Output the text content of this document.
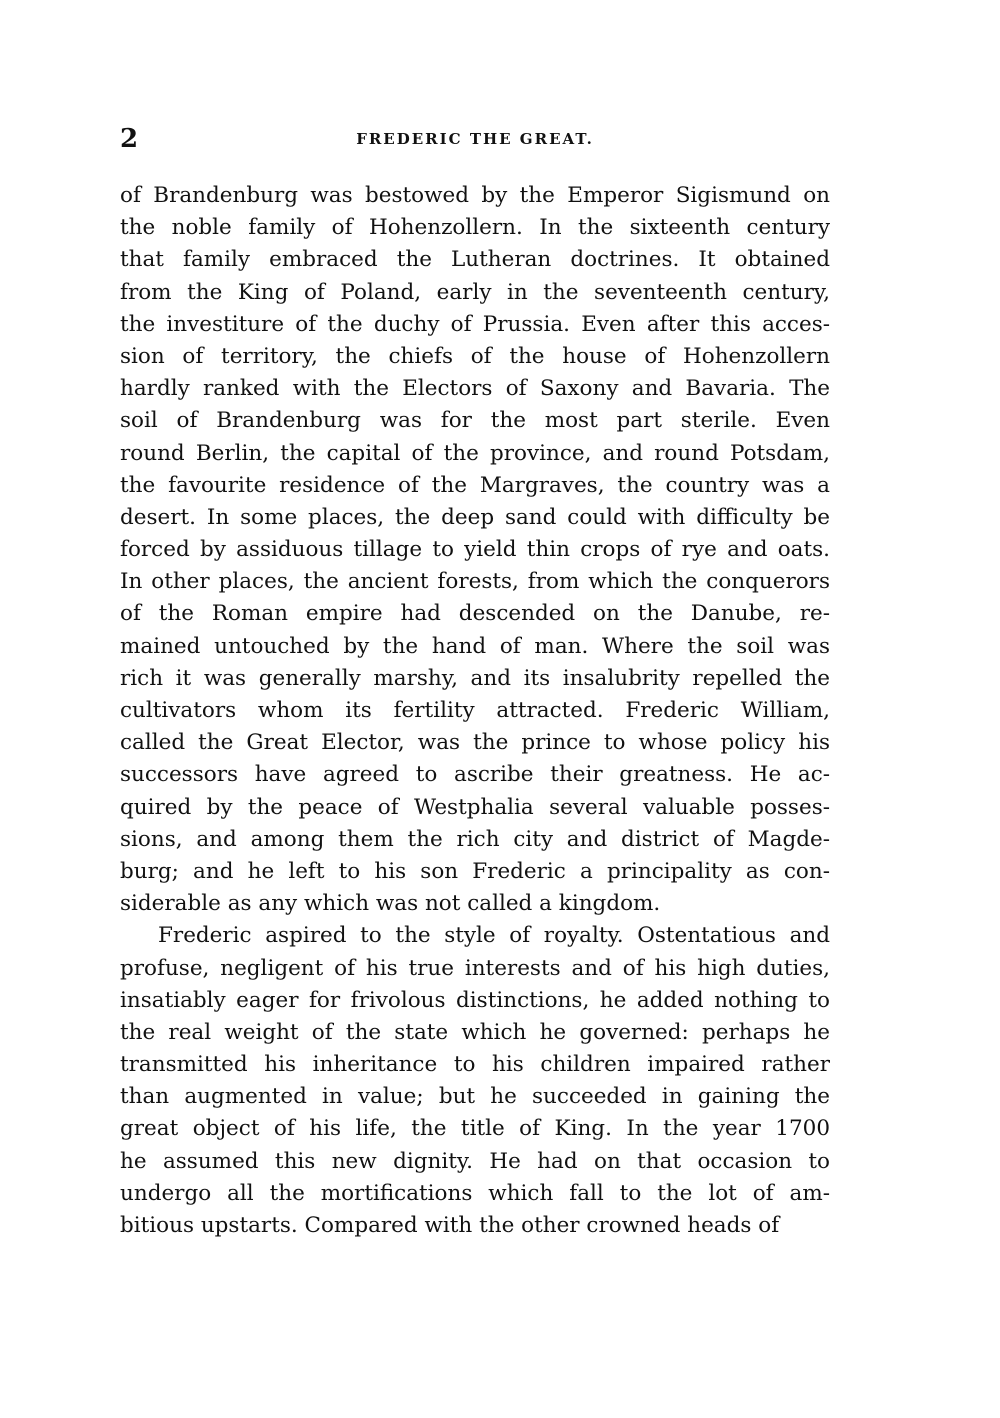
2	FREDERIC THE GREAT.
of Brandenburg was bestowed by the Emperor Sigismund on
the noble family of Hohenzollern. In the sixteenth century
that family embraced the Lutheran doctrines. It obtained
from the King of Poland, early in the seventeenth century,
the investiture of the duchy of Prussia. Even after this acces-
sion of territory, the chiefs of the house of Hohenzollern
hardly ranked with the Electors of Saxony and Bavaria. The
soil of Brandenburg was for the most part sterile. Even
round Berlin, the capital of the province, and round Potsdam,
the favourite residence of the Margraves, the country was a
desert. In some places, the deep sand could with difficulty be
forced by assiduous tillage to yield thin crops of rye and oats.
In other places, the ancient forests, from which the conquerors
of the Roman empire had descended on the Danube, re-
mained untouched by the hand of man. Where the soil was
rich it was generally marshy, and its insalubrity repelled the
cultivators whom its fertility attracted. Frederic William,
called the Great Elector, was the prince to whose policy his
successors have agreed to ascribe their greatness. He ac-
quired by the peace of Westphalia several valuable posses-
sions, and among them the rich city and district of Magde-
burg; and he left to his son Frederic a principality as con-
siderable as any which was not called a kingdom.
Frederic aspired to the style of royalty. Ostentatious and
profuse, negligent of his true interests and of his high duties,
insatiably eager for frivolous distinctions, he added nothing to
the real weight of the state which he governed: perhaps he
transmitted his inheritance to his children impaired rather
than augmented in value; but he succeeded in gaining the
great object of his life, the title of King. In the year 1700
he assumed this new dignity. He had on that occasion to
undergo all the mortifications which fall to the lot of am-
bitious upstarts. Compared with the other crowned heads of
